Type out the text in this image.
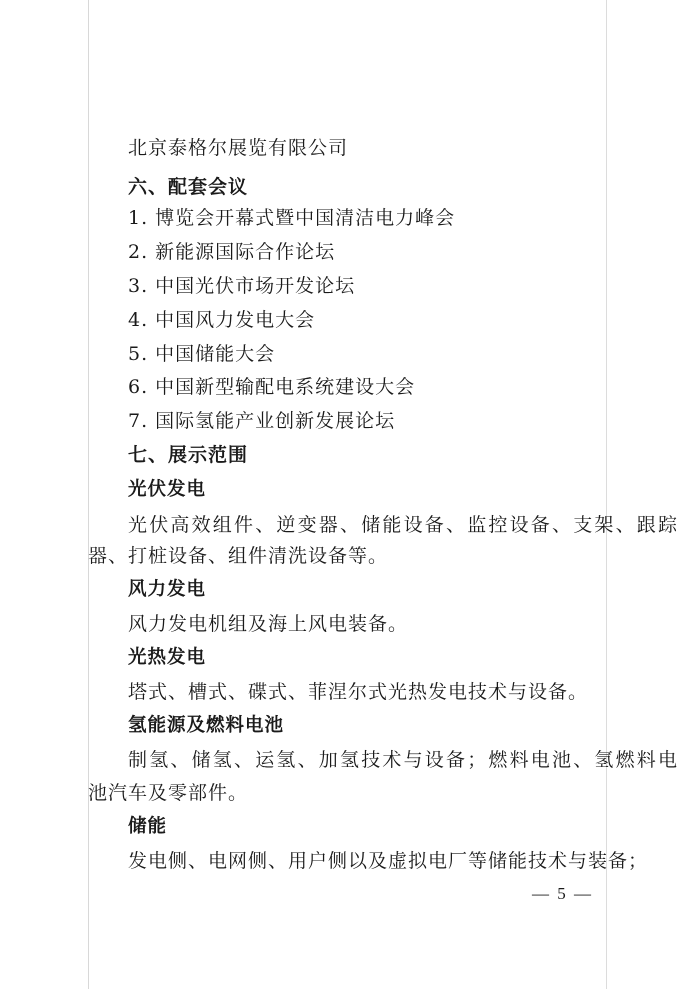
北京泰格尔展览有限公司
六、配套会议
1. 博览会开幕式暨中国清洁电力峰会
2. 新能源国际合作论坛
3. 中国光伏市场开发论坛
4. 中国风力发电大会
5. 中国储能大会
6. 中国新型输配电系统建设大会
7. 国际氢能产业创新发展论坛
七、展示范围
光伏发电
光伏高效组件、逆变器、储能设备、监控设备、支架、跟踪
器、打桩设备、组件清洗设备等。
风力发电
风力发电机组及海上风电装备。
光热发电
塔式、槽式、碟式、菲涅尔式光热发电技术与设备。
氢能源及燃料电池
制氢、储氢、运氢、加氢技术与设备；燃料电池、氢燃料电
池汽车及零部件。
储能
发电侧、电网侧、用户侧以及虚拟电厂等储能技术与装备；
— 5 —
